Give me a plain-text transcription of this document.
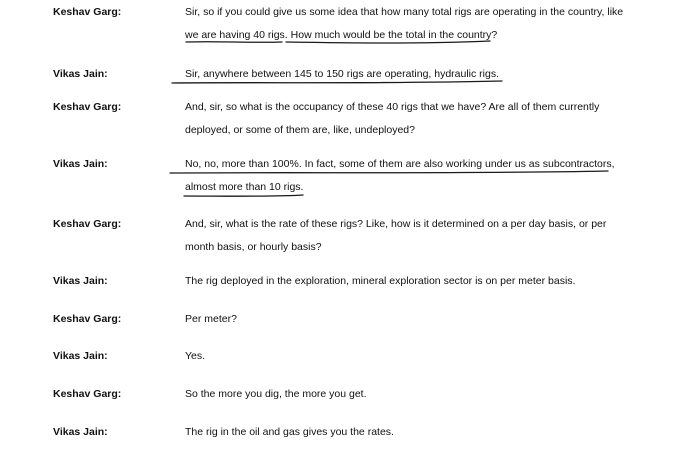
Keshav Garg:	Sir, so if you could give us some idea that how many total rigs are operating in the country, like
we are having 40 rigs. How much would be the total in the country?
Vikas Jain:	Sir, anywhere between 145 to 150 rigs are operating, hydraulic rigs.
Keshav Garg:	And, sir, so what is the occupancy of these 40 rigs that we have? Are all of them currently
deployed, or some of them are, like, undeployed?
Vikas Jain:	No, no, more than 100%. In fact, some of them are also working under us as subcontractors,
almost more than 10 rigs.
Keshav Garg:	And, sir, what is the rate of these rigs? Like, how is it determined on a per day basis, or per
month basis, or hourly basis?
Vikas Jain:	The rig deployed in the exploration, mineral exploration sector is on per meter basis.
Keshav Garg:	Per meter?
Vikas Jain:	Yes.
Keshav Garg:	So the more you dig, the more you get.
Vikas Jain:	The rig in the oil and gas gives you the rates.
